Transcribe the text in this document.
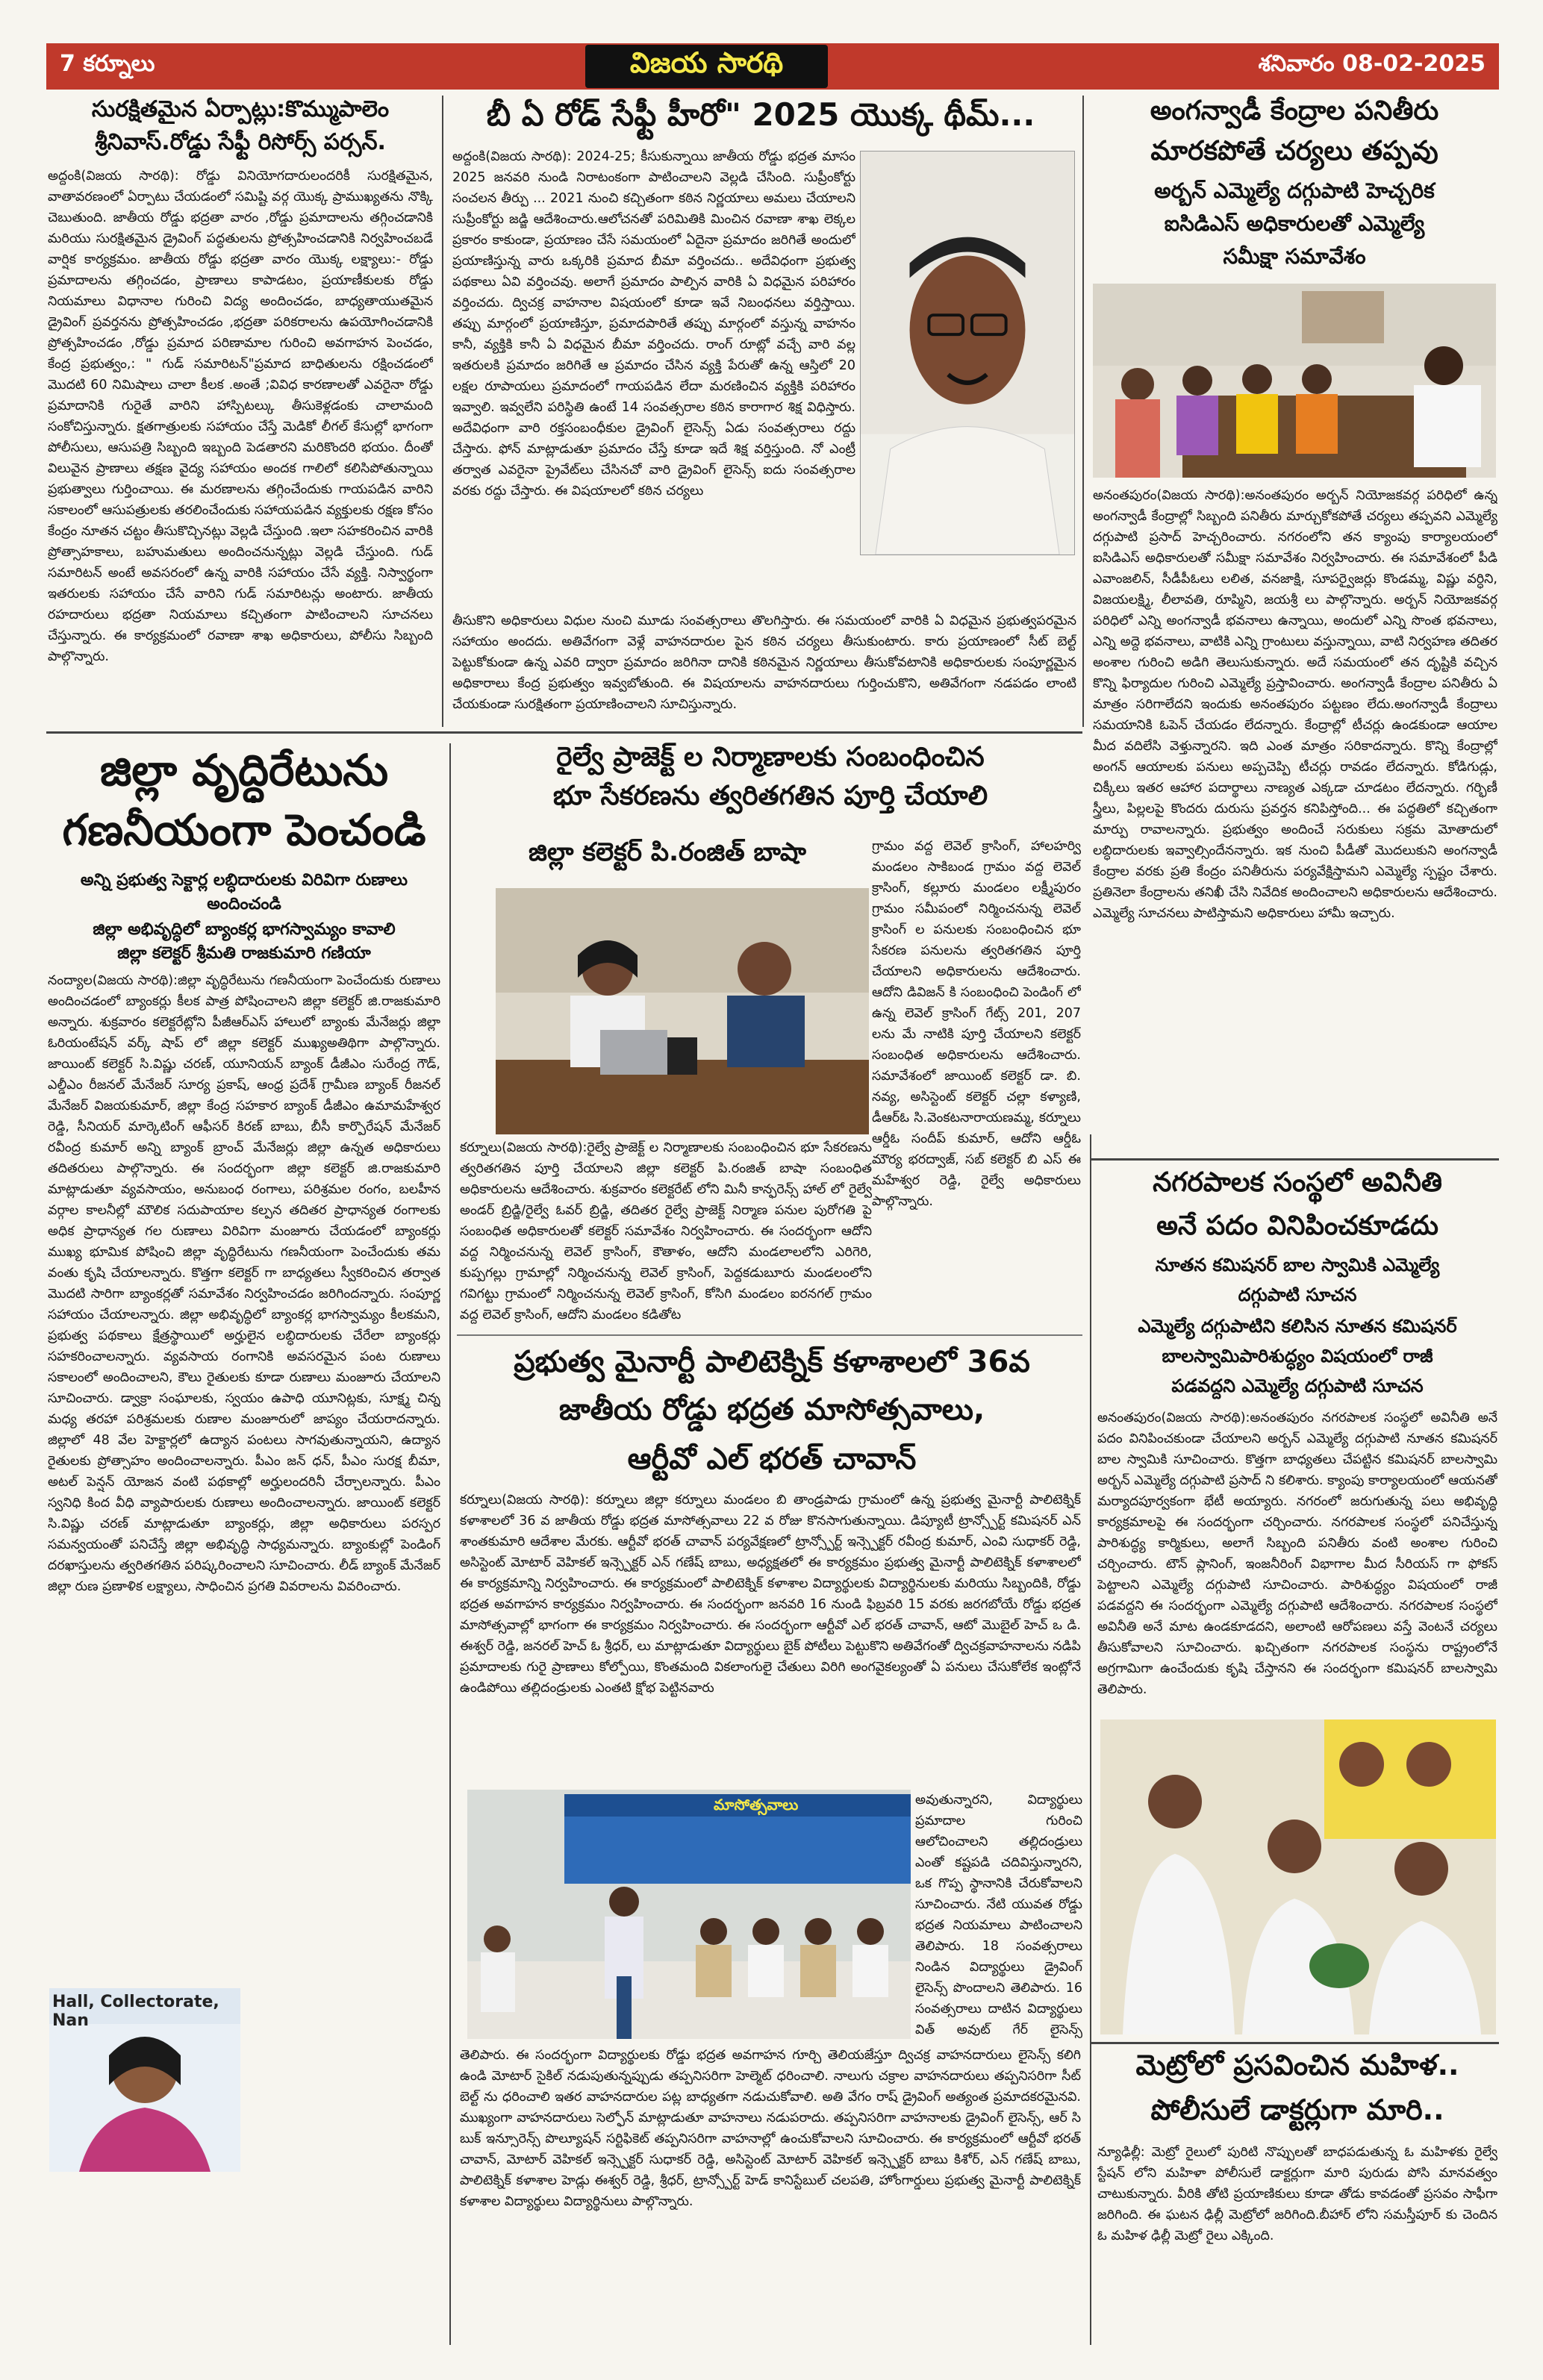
7 కర్నూలు	విజయ సారథి	శనివారం 08-02-2025
సురక్షితమైన ఏర్పాట్లు:కొమ్ముపాలెం
శ్రీనివాస్.రోడ్డు సేఫ్టీ రిసోర్స్ పర్సన్.
అద్దంకి(విజయ సారథి): రోడ్డు వినియోగదారులందరికీ సురక్షితమైన, వాతావరణంలో ఏర్పాటు చేయడంలో సమిష్టి వర్గ యొక్క ప్రాముఖ్యతను నొక్కి చెబుతుంది. జాతీయ రోడ్డు భద్రతా వారం ,రోడ్డు ప్రమాదాలను తగ్గించడానికి మరియు సురక్షితమైన డ్రైవింగ్ పద్ధతులను ప్రోత్సహించడానికి నిర్వహించబడే వార్షిక కార్యక్రమం. జాతీయ రోడ్డు భద్రతా వారం యొక్క లక్ష్యాలు:- రోడ్డు ప్రమాదాలను తగ్గించడం, ప్రాణాలు కాపాడటం, ప్రయాణీకులకు రోడ్డు నియమాలు విధానాల గురించి విద్య అందించడం, బాధ్యతాయుతమైన డ్రైవింగ్ ప్రవర్తనను ప్రోత్సహించడం ,భద్రతా పరికరాలను ఉపయోగించడానికి ప్రోత్సహించడం ,రోడ్డు ప్రమాద పరిణామాల గురించి అవగాహన పెంచడం, కేంద్ర ప్రభుత్వం,: " గుడ్ సమారిటన్"ప్రమాద బాధితులను రక్షించడంలో మొదటి 60 నిమిషాలు చాలా కీలక .అంతే ;వివిధ కారణాలతో ఎవరైనా రోడ్డు ప్రమాదానికి గురైతే వారిని హాస్పిటల్కు తీసుకెళ్లడంకు చాలామంది సంకోచిస్తున్నారు. క్షతగాత్రులకు సహాయం చేస్తే మెడికో లీగల్ కేసుల్లో భాగంగా పోలీసులు, ఆసుపత్రి సిబ్బంది ఇబ్బంది పెడతారని మరికొందరి భయం. దీంతో విలువైన ప్రాణాలు తక్షణ వైద్య సహాయం అందక గాలిలో కలిసిపోతున్నాయి ప్రభుత్వాలు గుర్తించాయి. ఈ మరణాలను తగ్గించేందుకు గాయపడిన వారిని సకాలంలో ఆసుపత్రులకు తరలించేందుకు సహాయపడిన వ్యక్తులకు రక్షణ కోసం కేంద్రం నూతన చట్టం తీసుకొచ్చినట్లు వెల్లడి చేస్తుంది .ఇలా సహకరించిన వారికి ప్రోత్సాహకాలు, బహుమతులు అందించనున్నట్లు వెల్లడి చేస్తుంది. గుడ్ సమారిటన్ అంటే అవసరంలో ఉన్న వారికి సహాయం చేసే వ్యక్తి. నిస్వార్థంగా ఇతరులకు సహాయం చేసే వారిని గుడ్ సమారిటన్లు అంటారు. జాతీయ రహదారులు భద్రతా నియమాలు కచ్చితంగా పాటించాలని సూచనలు చేస్తున్నారు. ఈ కార్యక్రమంలో రవాణా శాఖ అధికారులు, పోలీసు సిబ్బంది పాల్గొన్నారు.
బీ ఏ రోడ్ సేఫ్టీ హీరో" 2025 యొక్క థీమ్...
అద్దంకి(విజయ సారథి): 2024-25; కీసుకున్నాయి జాతీయ రోడ్డు భద్రత మాసం 2025 జనవరి నుండి నిరాటంకంగా పాటించాలని వెల్లడి చేసింది. సుప్రీంకోర్టు సంచలన తీర్పు ... 2021 నుంచి కచ్చితంగా కఠిన నిర్ణయాలు అమలు చేయాలని సుప్రీంకోర్టు జడ్జి ఆదేశించారు.ఆలోచనతో పరిమితికి మించిన రవాణా శాఖ లెక్కల ప్రకారం కాకుండా, ప్రయాణం చేసే సమయంలో ఏదైనా ప్రమాదం జరిగితే అందులో ప్రయాణిస్తున్న వారు ఒక్కరికి ప్రమాద బీమా వర్తించదు.. అదేవిధంగా ప్రభుత్వ పథకాలు ఏవి వర్తించవు. అలాగే ప్రమాదం పాల్పిన వారికి ఏ విధమైన పరిహారం వర్తించదు. ద్విచక్ర వాహనాల విషయంలో కూడా ఇవే నిబంధనలు వర్తిస్తాయి. తప్పు మార్గంలో ప్రయాణిస్తూ, ప్రమాదపారితే తప్పు మార్గంలో వస్తున్న వాహనం కానీ, వ్యక్తికి కానీ ఏ విధమైన బీమా వర్తించదు. రాంగ్ రూట్లో వచ్చే వారి వల్ల ఇతరులకి ప్రమాదం జరిగితే ఆ ప్రమాదం చేసిన వ్యక్తి పేరుతో ఉన్న ఆస్తిలో 20 లక్షల రూపాయలు ప్రమాదంలో గాయపడిన లేదా మరణించిన వ్యక్తికి పరిహారం ఇవ్వాలి. ఇవ్వలేని పరిస్థితి ఉంటే 14 సంవత్సరాల కఠిన కారాగార శిక్ష విధిస్తారు. అదేవిధంగా వారి రక్తసంబంధీకుల డ్రైవింగ్ లైసెన్స్ ఏడు సంవత్సరాలు రద్దు చేస్తారు. ఫోన్ మాట్లాడుతూ ప్రమాదం చేస్తే కూడా ఇదే శిక్ష వర్తిస్తుంది. నో ఎంట్రీ తర్వాత ఎవరైనా ప్రైవేట్‌లు చేసినచో వారి డ్రైవింగ్ లైసెన్స్ ఐదు సంవత్సరాల వరకు రద్దు చేస్తారు. ఈ విషయాలలో కఠిన చర్యలు
తీసుకొని అధికారులు విధుల నుంచి మూడు సంవత్సరాలు తొలగిస్తారు. ఈ సమయంలో వారికి ఏ విధమైన ప్రభుత్వపరమైన సహాయం అందదు. అతివేగంగా వెళ్లే వాహనదారుల పైన కఠిన చర్యలు తీసుకుంటారు. కారు ప్రయాణంలో సీట్ బెల్ట్ పెట్టుకోకుండా ఉన్న ఎవరి ద్వారా ప్రమాదం జరిగినా దానికి కఠినమైన నిర్ణయాలు తీసుకోవటానికి అధికారులకు సంపూర్ణమైన అధికారాలు కేంద్ర ప్రభుత్వం ఇవ్వబోతుంది. ఈ విషయాలను వాహనదారులు గుర్తించుకొని, అతివేగంగా నడపడం లాంటి చేయకుండా సురక్షితంగా ప్రయాణించాలని సూచిస్తున్నారు.
అంగన్వాడీ కేంద్రాల పనితీరు
మారకపోతే చర్యలు తప్పవు
అర్బన్ ఎమ్మెల్యే దగ్గుపాటి హెచ్చరిక
ఐసిడిఎస్ అధికారులతో ఎమ్మెల్యే
సమీక్షా సమావేశం
అనంతపురం(విజయ సారథి):అనంతపురం అర్బన్ నియోజకవర్గ పరిధిలో ఉన్న అంగన్వాడీ కేంద్రాల్లో సిబ్బంది పనితీరు మార్చుకోకపోతే చర్యలు తప్పవని ఎమ్మెల్యే దగ్గుపాటి ప్రసాద్ హెచ్చరించారు. నగరంలోని తన క్యాంపు కార్యాలయంలో ఐసిడిఎస్ అధికారులతో సమీక్షా సమావేశం నిర్వహించారు. ఈ సమావేశంలో పీడి ఎవాంజలిన్, సీడీపీఓలు లలిత, వనజాక్షి, సూపర్వైజర్లు కొండమ్మ, విష్ణు వర్ధిని, విజయలక్ష్మి, లీలావతి, రూప్మిని, జయశ్రీ లు పాల్గొన్నారు. అర్బన్ నియోజకవర్గ పరిధిలో ఎన్ని అంగన్వాడీ భవనాలు ఉన్నాయి, అందులో ఎన్ని సొంత భవనాలు, ఎన్ని అద్దె భవనాలు, వాటికి ఎన్ని గ్రాంటులు వస్తున్నాయి, వాటి నిర్వహణ తదితర అంశాల గురించి అడిగి తెలుసుకున్నారు. అదే సమయంలో తన దృష్టికి వచ్చిన కొన్ని ఫిర్యాదుల గురించి ఎమ్మెల్యే ప్రస్తావించారు. అంగన్వాడీ కేంద్రాల పనితీరు ఏ మాత్రం సరిగాలేదని ఇందుకు అనంతపురం పట్టణం లేదు.అంగన్వాడీ కేంద్రాలు సమయానికి ఓపెన్ చేయడం లేదన్నారు. కేంద్రాల్లో టీచర్లు ఉండకుండా ఆయాల మీద వదిలేసి వెళ్తున్నారని. ఇది ఎంత మాత్రం సరికాదన్నారు. కొన్ని కేంద్రాల్లో అంగన్ ఆయాలకు పనులు అప్పచెప్పి టీచర్లు రావడం లేదన్నారు. కోడిగుడ్లు, చిక్కీలు ఇతర ఆహార పదార్థాలు నాణ్యత ఎక్కడా చూడటం లేదన్నారు. గర్భిణీ స్త్రీలు, పిల్లలపై కొందరు దురుసు ప్రవర్తన కనిపిస్తోంది... ఈ పద్ధతిలో కచ్చితంగా మార్పు రావాలన్నారు. ప్రభుత్వం అందించే సరుకులు సక్రమ మోతాదులో లబ్ధిదారులకు ఇవ్వాల్సిందేనన్నారు. ఇక నుంచి పీడీతో మొదలుకుని అంగన్వాడీ కేంద్రాల వరకు ప్రతి కేంద్రం పనితీరును పర్యవేక్షిస్తామని ఎమ్మెల్యే స్పష్టం చేశారు. ప్రతినెలా కేంద్రాలను తనిఖీ చేసి నివేదిక అందించాలని అధికారులను ఆదేశించారు. ఎమ్మెల్యే సూచనలు పాటిస్తామని అధికారులు హామీ ఇచ్చారు.
జిల్లా వృద్ధిరేటును
గణనీయంగా పెంచండి
అన్ని ప్రభుత్వ సెక్టార్ల లబ్ధిదారులకు విరివిగా రుణాలు
అందించండి
జిల్లా అభివృద్ధిలో బ్యాంకర్ల భాగస్వామ్యం కావాలి
జిల్లా కలెక్టర్ శ్రీమతి రాజకుమారి గణియా
నంద్యాల(విజయ సారథి):జిల్లా వృద్ధిరేటును గణనీయంగా పెంచేందుకు రుణాలు అందించడంలో బ్యాంకర్లు కీలక పాత్ర పోషించాలని జిల్లా కలెక్టర్ జి.రాజకుమారి అన్నారు. శుక్రవారం కలెక్టరేట్లోని పీజీఆర్ఎస్ హాలులో బ్యాంకు మేనేజర్లు జిల్లా ఓరియంటేషన్ వర్క్ షాప్ లో జిల్లా కలెక్టర్ ముఖ్యఅతిథిగా పాల్గొన్నారు. జాయింట్ కలెక్టర్ సి.విష్ణు చరణ్, యూనియన్ బ్యాంక్ డీజీఎం సురేంద్ర గౌడ్, ఎల్డీఎం రీజనల్ మేనేజర్ సూర్య ప్రకాష్, ఆంధ్ర ప్రదేశ్ గ్రామీణ బ్యాంక్ రీజనల్ మేనేజర్ విజయకుమార్, జిల్లా కేంద్ర సహకార బ్యాంక్ డీజీఎం ఉమామహేశ్వర రెడ్డి, సీనియర్ మార్కెటింగ్ ఆఫీసర్ కిరణ్ బాబు, బీసీ కార్పొరేషన్ మేనేజర్ రవీంద్ర కుమార్ అన్ని బ్యాంక్ బ్రాంచ్ మేనేజర్లు జిల్లా ఉన్నత అధికారులు తదితరులు పాల్గొన్నారు. ఈ సందర్భంగా జిల్లా కలెక్టర్ జి.రాజకుమారి మాట్లాడుతూ వ్యవసాయం, అనుబంధ రంగాలు, పరిశ్రమల రంగం, బలహీన వర్గాల కాలనీల్లో మౌలిక సదుపాయాల కల్పన తదితర ప్రాధాన్యత రంగాలకు అధిక ప్రాధాన్యత గల రుణాలు విరివిగా మంజూరు చేయడంలో బ్యాంకర్లు ముఖ్య భూమిక పోషించి జిల్లా వృద్ధిరేటును గణనీయంగా పెంచేందుకు తమ వంతు కృషి చేయాలన్నారు. కొత్తగా కలెక్టర్ గా బాధ్యతలు స్వీకరించిన తర్వాత మొదటి సారిగా బ్యాంకర్లతో సమావేశం నిర్వహించడం జరిగిందన్నారు. సంపూర్ణ సహాయం చేయాలన్నారు. జిల్లా అభివృద్ధిలో బ్యాంకర్ల భాగస్వామ్యం కీలకమని, ప్రభుత్వ పథకాలు క్షేత్రస్థాయిలో అర్హులైన లబ్ధిదారులకు చేరేలా బ్యాంకర్లు సహకరించాలన్నారు. వ్యవసాయ రంగానికి అవసరమైన పంట రుణాలు సకాలంలో అందించాలని, కౌలు రైతులకు కూడా రుణాలు మంజూరు చేయాలని సూచించారు. డ్వాక్రా సంఘాలకు, స్వయం ఉపాధి యూనిట్లకు, సూక్ష్మ చిన్న మధ్య తరహా పరిశ్రమలకు రుణాల మంజూరులో జాప్యం చేయరాదన్నారు. జిల్లాలో 48 వేల హెక్టార్లలో ఉద్యాన పంటలు సాగవుతున్నాయని, ఉద్యాన రైతులకు ప్రోత్సాహం అందించాలన్నారు. పీఎం జన్ ధన్, పీఎం సురక్ష బీమా, అటల్ పెన్షన్ యోజన వంటి పథకాల్లో అర్హులందరినీ చేర్చాలన్నారు. పీఎం స్వనిధి కింద వీధి వ్యాపారులకు రుణాలు అందించాలన్నారు. జాయింట్ కలెక్టర్ సి.విష్ణు చరణ్ మాట్లాడుతూ బ్యాంకర్లు, జిల్లా అధికారులు పరస్పర సమన్వయంతో పనిచేస్తే జిల్లా అభివృద్ధి సాధ్యమన్నారు. బ్యాంకుల్లో పెండింగ్ దరఖాస్తులను త్వరితగతిన పరిష్కరించాలని సూచించారు. లీడ్ బ్యాంక్ మేనేజర్ జిల్లా రుణ ప్రణాళిక లక్ష్యాలు, సాధించిన ప్రగతి వివరాలను వివరించారు.
Hall, Collectorate, Nan
రైల్వే ప్రాజెక్ట్ ల నిర్మాణాలకు సంబంధించిన
భూ సేకరణను త్వరితగతిన పూర్తి చేయాలి
జిల్లా కలెక్టర్ పి.రంజిత్ బాషా	గ్రామం వద్ద లెవెల్ క్రాసింగ్, హాలహర్వి మండలం సాకిబండ గ్రామం వద్ద లెవెల్ క్రాసింగ్, కల్లూరు మండలం లక్ష్మీపురం గ్రామం సమీపంలో నిర్మించనున్న లెవెల్ క్రాసింగ్ ల పనులకు సంబంధించిన భూ సేకరణ పనులను త్వరితగతిన పూర్తి చేయాలని అధికారులను ఆదేశించారు. ఆదోని డివిజన్ కి సంబంధించి పెండింగ్ లో ఉన్న లెవెల్ క్రాసింగ్ గేట్స్ 201, 207 లను మే నాటికి పూర్తి చేయాలని కలెక్టర్ సంబంధిత అధికారులను ఆదేశించారు. సమావేశంలో జాయింట్ కలెక్టర్ డా. బి. నవ్య, అసిస్టెంట్ కలెక్టర్ చల్లా కళ్యాణి, డీఆర్ఓ సి.వెంకటనారాయణమ్మ, కర్నూలు ఆర్డీఓ సందీప్ కుమార్, ఆదోని ఆర్డీఓ మౌర్య భరద్వాజ్, సబ్ కలెక్టర్ బి ఎస్ ఈ మహేశ్వర రెడ్డి, రైల్వే అధికారులు పాల్గొన్నారు.
కర్నూలు(విజయ సారథి):రైల్వే ప్రాజెక్ట్ ల నిర్మాణాలకు సంబంధించిన భూ సేకరణను త్వరితగతిన పూర్తి చేయాలని జిల్లా కలెక్టర్ పి.రంజిత్ బాషా సంబంధిత అధికారులను ఆదేశించారు. శుక్రవారం కలెక్టరేట్ లోని మినీ కాన్ఫరెన్స్ హాల్ లో రైల్వే అండర్ బ్రిడ్జి/రైల్వే ఓవర్ బ్రిడ్జి, తదితర రైల్వే ప్రాజెక్ట్ నిర్మాణ పనుల పురోగతి పై సంబంధిత అధికారులతో కలెక్టర్ సమావేశం నిర్వహించారు. ఈ సందర్భంగా ఆదోని వద్ద నిర్మించనున్న లెవెల్ క్రాసింగ్, కౌతాళం, ఆదోని మండలాలలోని ఎరిగెరి, కుప్పగల్లు గ్రామాల్లో నిర్మించనున్న లెవెల్ క్రాసింగ్, పెద్దకడుబూరు మండలంలోని గవిగట్టు గ్రామంలో నిర్మించనున్న లెవెల్ క్రాసింగ్, కోసిగి మండలం ఐరనగల్ గ్రామం వద్ద లెవెల్ క్రాసింగ్, ఆదోని మండలం కడితోట
ప్రభుత్వ మైనార్టీ పాలిటెక్నిక్ కళాశాలలో 36వ
జాతీయ రోడ్డు భద్రత మాసోత్సవాలు,
ఆర్టీవో ఎల్ భరత్ చావాన్
కర్నూలు(విజయ సారథి): కర్నూలు జిల్లా కర్నూలు మండలం బి తాండ్రపాడు గ్రామంలో ఉన్న ప్రభుత్వ మైనార్టీ పాలిటెక్నిక్ కళాశాలలో 36 వ జాతీయ రోడ్డు భద్రత మాసోత్సవాలు 22 వ రోజు కొనసాగుతున్నాయి. డిప్యూటీ ట్రాన్స్పోర్ట్ కమిషనర్ ఎన్ శాంతకుమారి ఆదేశాల మేరకు. ఆర్టీవో భరత్ చావాన్ పర్యవేక్షణలో ట్రాన్స్పోర్ట్ ఇన్స్పెక్టర్ రవీంద్ర కుమార్, ఎంవి సుధాకర్ రెడ్డి, అసిస్టెంట్ మోటార్ వెహికల్ ఇన్స్పెక్టర్ ఎన్ గణేష్ బాబు, అధ్యక్షతలో ఈ కార్యక్రమం ప్రభుత్వ మైనార్టీ పాలిటెక్నిక్ కళాశాలలో ఈ కార్యక్రమాన్ని నిర్వహించారు. ఈ కార్యక్రమంలో పాలిటెక్నిక్ కళాశాల విద్యార్థులకు విద్యార్థినులకు మరియు సిబ్బందికి, రోడ్డు భద్రత అవగాహన కార్యక్రమం నిర్వహించారు. ఈ సందర్భంగా జనవరి 16 నుండి ఫిబ్రవరి 15 వరకు జరగబోయే రోడ్డు భద్రత మాసోత్సవాల్లో భాగంగా ఈ కార్యక్రమం నిర్వహించారు. ఈ సందర్భంగా ఆర్టీవో ఎల్ భరత్ చావాన్, ఆటో మొబైల్ హెచ్ ఒ డి. ఈశ్వర్ రెడ్డి, జనరల్ హెచ్ ఓ శ్రీధర్, లు మాట్లాడుతూ విద్యార్థులు బైక్ పోటీలు పెట్టుకొని అతివేగంతో ద్విచక్రవాహనాలను నడిపి ప్రమాదాలకు గురై ప్రాణాలు కోల్పోయి, కొంతమంది వికలాంగులై చేతులు విరిగి అంగవైకల్యంతో ఏ పనులు చేసుకోలేక ఇంట్లోనే ఉండిపోయి తల్లిదండ్రులకు ఎంతటి క్షోభ పెట్టినవారు
మాసోత్సవాలు	అవుతున్నారని, విద్యార్థులు ప్రమాదాల గురించి ఆలోచించాలని తల్లిదండ్రులు ఎంతో కష్టపడి చదివిస్తున్నారని, ఒక గొప్ప స్థానానికి చేరుకోవాలని సూచించారు. నేటి యువత రోడ్డు భద్రత నియమాలు పాటించాలని తెలిపారు. 18 సంవత్సరాలు నిండిన విద్యార్థులు డ్రైవింగ్ లైసెన్స్ పొందాలని తెలిపారు. 16 సంవత్సరాలు దాటిన విద్యార్థులు విత్ అవుట్ గేర్ లైసెన్స్
తెలిపారు. ఈ సందర్భంగా విద్యార్థులకు రోడ్డు భద్రత అవగాహన గూర్చి తెలియజేస్తూ ద్విచక్ర వాహనదారులు లైసెన్స్ కలిగి ఉండి మోటార్ సైకిల్ నడుపుతున్నప్పుడు తప్పనిసరిగా హెల్మెట్ ధరించాలి. నాలుగు చక్రాల వాహనదారులు తప్పనిసరిగా సీట్ బెల్ట్ ను ధరించాలి ఇతర వాహనదారుల పట్ల బాధ్యతగా నడుచుకోవాలి. అతి వేగం రాష్ డ్రైవింగ్ అత్యంత ప్రమాదకరమైనవి. ముఖ్యంగా వాహనదారులు సెల్ఫోన్ మాట్లాడుతూ వాహనాలు నడుపరాదు. తప్పనిసరిగా వాహనాలకు డ్రైవింగ్ లైసెన్స్, ఆర్ సి బుక్ ఇన్సూరెన్స్ పొల్యూషన్ సర్టిఫికెట్ తప్పనిసరిగా వాహనాల్లో ఉంచుకోవాలని సూచించారు. ఈ కార్యక్రమంలో ఆర్టీవో భరత్ చావాన్, మోటార్ వెహికల్ ఇన్స్పెక్టర్ సుధాకర్ రెడ్డి, అసిస్టెంట్ మోటార్ వెహికల్ ఇన్స్పెక్టర్ బాబు కిశోర్, ఎన్ గణేష్ బాబు, పాలిటెక్నిక్ కళాశాల హెడ్లు ఈశ్వర్ రెడ్డి, శ్రీధర్, ట్రాన్స్పోర్ట్ హెడ్ కానిస్టేబుల్ చలపతి, హోంగార్డులు ప్రభుత్వ మైనార్టీ పాలిటెక్నిక్ కళాశాల విద్యార్థులు విద్యార్థినులు పాల్గొన్నారు.
నగరపాలక సంస్థలో అవినీతి
అనే పదం వినిపించకూడదు
నూతన కమిషనర్ బాల స్వామికి ఎమ్మెల్యే
దగ్గుపాటి సూచన
ఎమ్మెల్యే దగ్గుపాటిని కలిసిన నూతన కమిషనర్
బాలస్వామిపారిశుద్ధ్యం విషయంలో రాజీ
పడవద్దని ఎమ్మెల్యే దగ్గుపాటి సూచన
అనంతపురం(విజయ సారథి):అనంతపురం నగరపాలక సంస్థలో అవినీతి అనే పదం వినిపించకుండా చేయాలని అర్బన్ ఎమ్మెల్యే దగ్గుపాటి నూతన కమిషనర్ బాల స్వామికి సూచించారు. కొత్తగా బాధ్యతలు చేపట్టిన కమిషనర్ బాలస్వామి అర్బన్ ఎమ్మెల్యే దగ్గుపాటి ప్రసాద్ ని కలిశారు. క్యాంపు కార్యాలయంలో ఆయనతో మర్యాదపూర్వకంగా భేటీ అయ్యారు. నగరంలో జరుగుతున్న పలు అభివృద్ధి కార్యక్రమాలపై ఈ సందర్భంగా చర్చించారు. నగరపాలక సంస్థలో పనిచేస్తున్న పారిశుద్ధ్య కార్మికులు, అలాగే సిబ్బంది పనితీరు వంటి అంశాల గురించి చర్చించారు. టౌన్ ప్లానింగ్, ఇంజనీరింగ్ విభాగాల మీద సీరియస్ గా ఫోకస్ పెట్టాలని ఎమ్మెల్యే దగ్గుపాటి సూచించారు. పారిశుద్ధ్యం విషయంలో రాజీ పడవద్దని ఈ సందర్భంగా ఎమ్మెల్యే దగ్గుపాటి ఆదేశించారు. నగరపాలక సంస్థలో అవినీతి అనే మాట ఉండకూడదని, అలాంటి ఆరోపణలు వస్తే వెంటనే చర్యలు తీసుకోవాలని సూచించారు. ఖచ్చితంగా నగరపాలక సంస్థను రాష్ట్రంలోనే అగ్రగామిగా ఉంచేందుకు కృషి చేస్తానని ఈ సందర్భంగా కమిషనర్ బాలస్వామి తెలిపారు.
మెట్రోలో ప్రసవించిన మహిళ..
పోలీసులే డాక్టర్లుగా మారి..
న్యూఢిల్లీ: మెట్రో రైలులో పురిటి నొప్పులతో బాధపడుతున్న ఓ మహిళకు రైల్వే స్టేషన్ లోని మహిళా పోలీసులే డాక్టర్లుగా మారి పురుడు పోసి మానవత్వం చాటుకున్నారు. వీరికి తోటి ప్రయాణికులు కూడా తోడు కావడంతో ప్రసవం సాఫీగా జరిగింది. ఈ ఘటన ఢిల్లీ మెట్రోలో జరిగింది.బీహార్ లోని సమస్తీపూర్ కు చెందిన ఓ మహిళ ఢిల్లీ మెట్రో రైలు ఎక్కింది.
